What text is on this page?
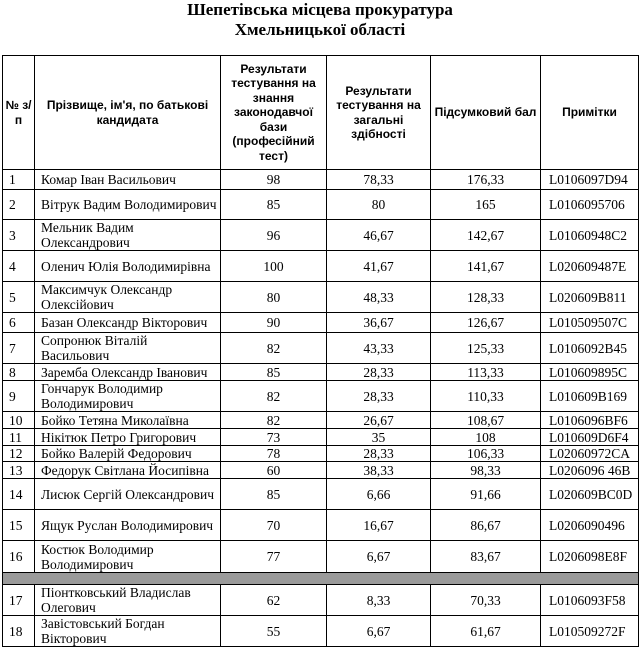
Шепетівська місцева прокуратура
Хмельницької області
№ з/п	Прізвище, ім'я, по батькові кандидата	Результати тестування на знання законодавчої бази (професійний тест)	Результати тестування на загальні здібності	Підсумковий бал	Примітки
1	Комар Іван Васильович	98	78,33	176,33	L0106097D94
2	Вітрук Вадим Володимирович	85	80	165	L0106095706
3	Мельник Вадим Олександрович	96	46,67	142,67	L01060948C2
4	Оленич Юлія Володимирівна	100	41,67	141,67	L020609487E
5	Максимчук Олександр Олексійович	80	48,33	128,33	L020609B811
6	Базан Олександр Вікторович	90	36,67	126,67	L010509507C
7	Сопронюк Віталій Васильович	82	43,33	125,33	L0106092B45
8	Заремба Олександр Іванович	85	28,33	113,33	L010609895C
9	Гончарук Володимир Володимирович	82	28,33	110,33	L010609B169
10	Бойко Тетяна Миколаївна	82	26,67	108,67	L0106096BF6
11	Нікітюк Петро Григорович	73	35	108	L010609D6F4
12	Бойко Валерій Федорович	78	28,33	106,33	L02060972CA
13	Федорук Світлана Йосипівна	60	38,33	98,33	L0206096 46B
14	Лисюк Сергій Олександрович	85	6,66	91,66	L020609BC0D
15	Ящук Руслан Володимирович	70	16,67	86,67	L0206090496
16	Костюк Володимир Володимирович	77	6,67	83,67	L0206098E8F

17	Піонтковський Владислав Олегович	62	8,33	70,33	L0106093F58
18	Завістовський Богдан Вікторович	55	6,67	61,67	L010509272F
